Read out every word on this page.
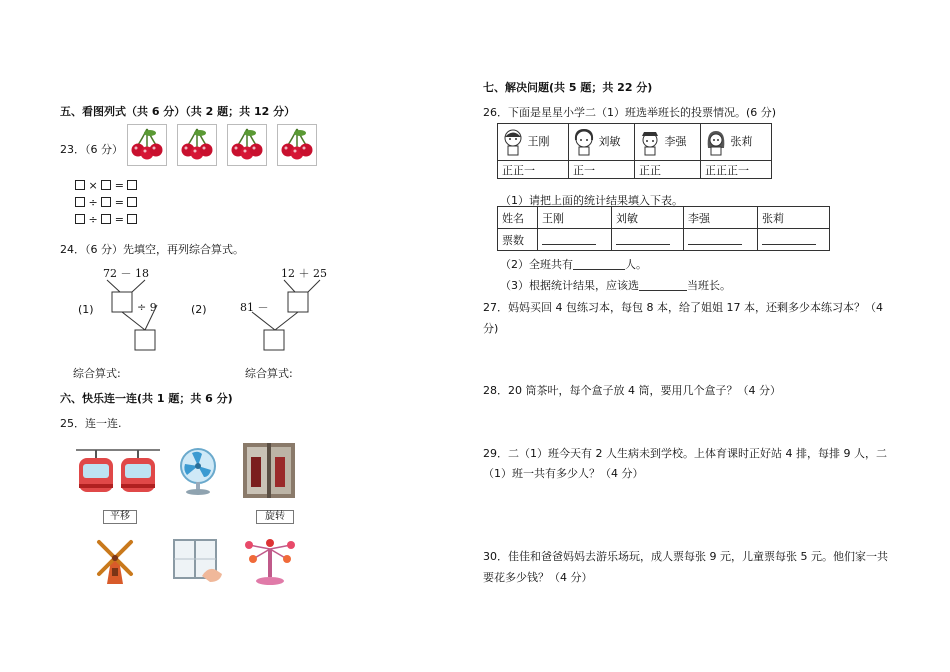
五、看图列式（共 6 分）（共 2 题；共 12 分）
23．（6 分）
× =
÷ =
÷ =
24．（6 分）先填空，再列综合算式。
(1)
72 － 18
÷ 9	(2)
12 ＋ 25
81 －
综合算式:	综合算式:
六、快乐连一连(共 1 题；共 6 分)
25．连一连.
平移	旋转
七、解决问题(共 5 题；共 22 分)
26．下面是星星小学二（1）班选举班长的投票情况。(6 分)
王刚	刘敏	李强	张莉
正正一	正一	正正	正正正一
（1）请把上面的统计结果填入下表。
姓名	王刚	刘敏	李强	张莉
票数				
（2）全班共有	人。
（3）根据统计结果，应该选	当班长。
27．妈妈买回 4 包练习本，每包 8 本，给了姐姐 17 本，还剩多少本练习本？（4
分)
28．20 筒茶叶，每个盒子放 4 筒，要用几个盒子？（4 分）
29．二（1）班今天有 2 人生病未到学校。上体育课时正好站 4 排，每排 9 人，二
（1）班一共有多少人？（4 分）
30．佳佳和爸爸妈妈去游乐场玩，成人票每张 9 元，儿童票每张 5 元。他们家一共
要花多少钱？（4 分）
